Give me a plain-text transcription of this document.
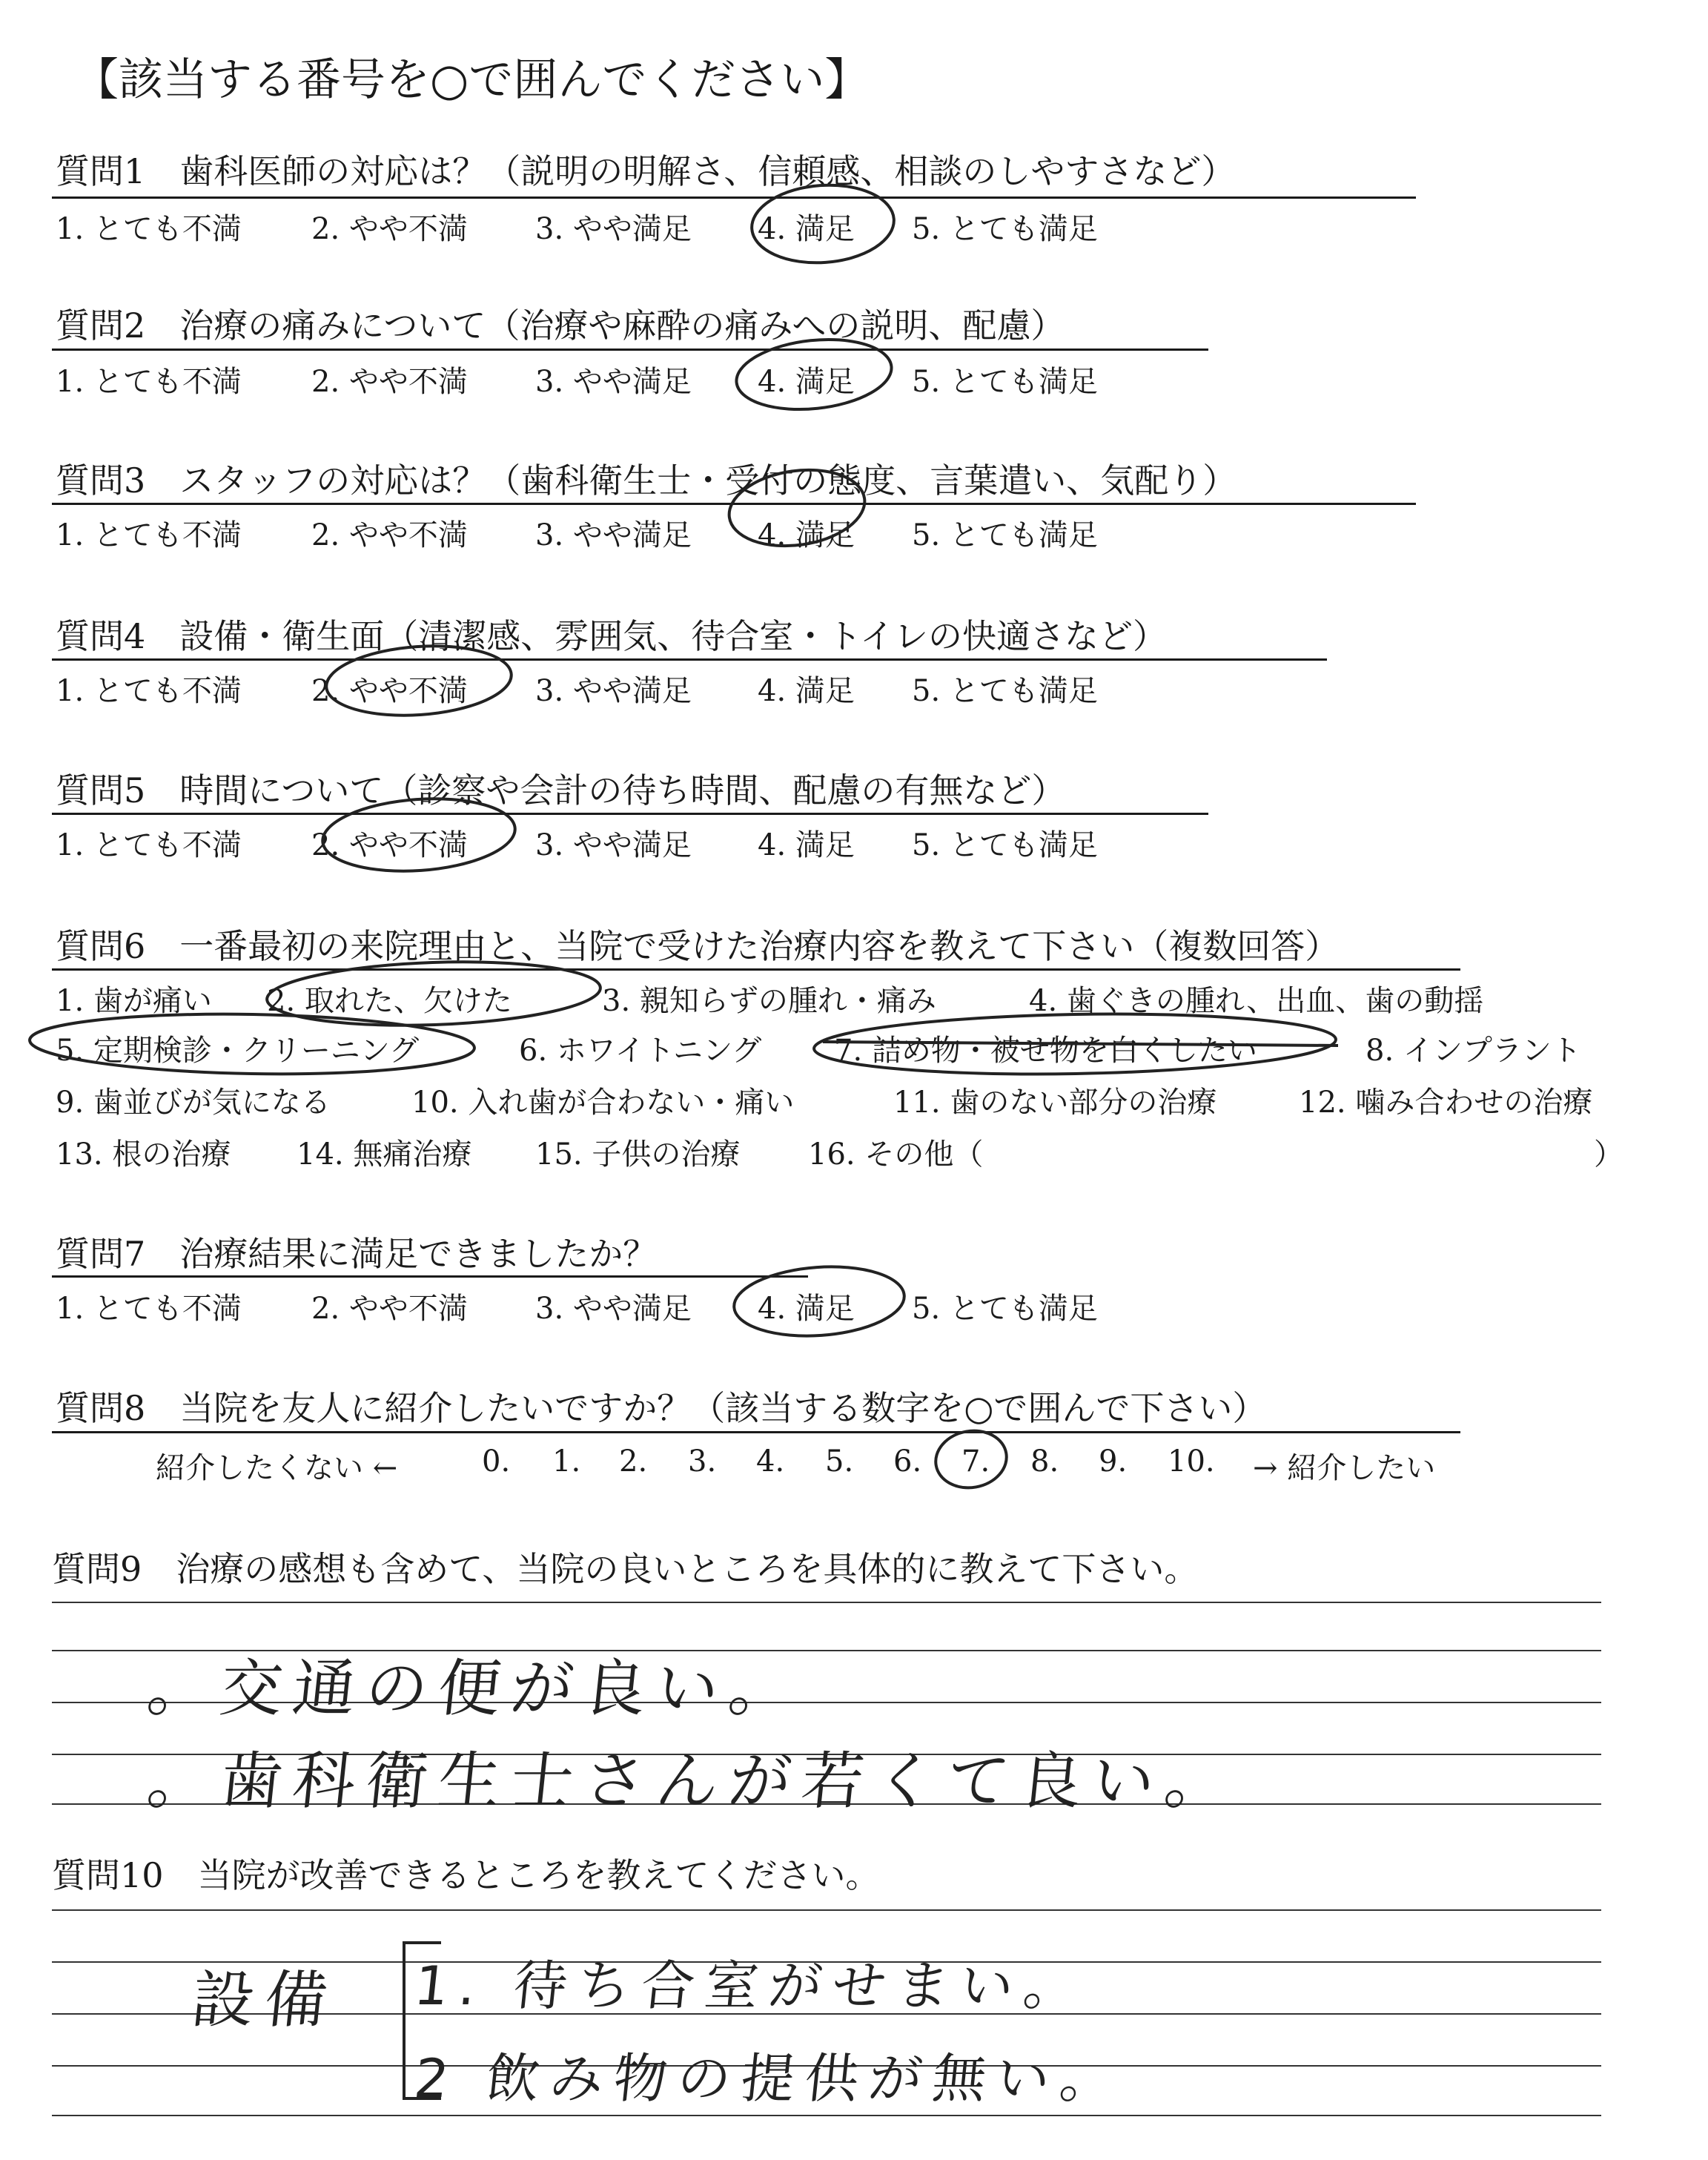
【該当する番号を○で囲んでください】
質問1　歯科医師の対応は？（説明の明解さ、信頼感、相談のしやすさなど）
1. とても不満 2. やや不満 3. やや満足 4. 満足 5. とても満足
質問2　治療の痛みについて（治療や麻酔の痛みへの説明、配慮）
1. とても不満 2. やや不満 3. やや満足 4. 満足 5. とても満足
質問3　スタッフの対応は？（歯科衛生士・受付の態度、言葉遣い、気配り）
1. とても不満 2. やや不満 3. やや満足 4. 満足 5. とても満足
質問4　設備・衛生面（清潔感、雰囲気、待合室・トイレの快適さなど）
1. とても不満 2. やや不満 3. やや満足 4. 満足 5. とても満足
質問5　時間について（診察や会計の待ち時間、配慮の有無など）
1. とても不満 2. やや不満 3. やや満足 4. 満足 5. とても満足
質問6　一番最初の来院理由と、当院で受けた治療内容を教えて下さい（複数回答）
1. 歯が痛い 2. 取れた、欠けた	3. 親知らずの腫れ・痛み	4. 歯ぐきの腫れ、出血、歯の動揺
5. 定期検診・クリーニング	6. ホワイトニング 7. 詰め物・被せ物を白くしたい	8. インプラント
9. 歯並びが気になる	10. 入れ歯が合わない・痛い	11. 歯のない部分の治療	12. 噛み合わせの治療
13. 根の治療 14. 無痛治療 15. 子供の治療 16. その他（	）
質問7　治療結果に満足できましたか？
1. とても不満 2. やや不満 3. やや満足 4. 満足 5. とても満足
質問8　当院を友人に紹介したいですか？（該当する数字を○で囲んで下さい）
紹介したくない ←	0. 1. 2. 3. 4. 5. 6. 7. 8. 9. 10. → 紹介したい
質問9　治療の感想も含めて、当院の良いところを具体的に教えて下さい。
。交通の便が良い。
。歯科衛生士さんが若くて良い。
質問10　当院が改善できるところを教えてください。
設備 1. 待ち合室がせまい。
2 飲み物の提供が無い。
